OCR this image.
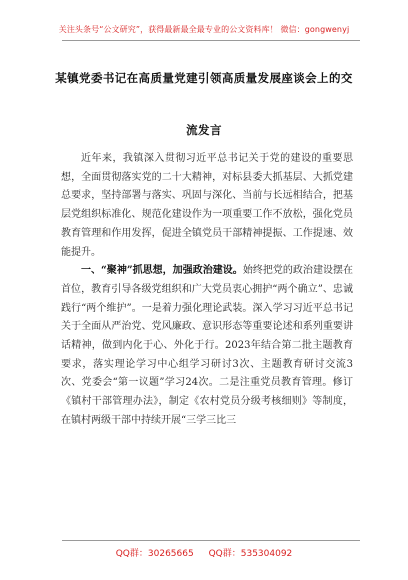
关注头条号“公文研究”，获得最新最全最专业的公文资料库！ 微信：gongwenyj
某镇党委书记在高质量党建引领高质量发展座谈会上的交
流发言

近年来，我镇深入贯彻习近平总书记关于党的建设的重要思想，全面贯彻落实党的二十大精神，对标县委大抓基层、大抓党建总要求，坚持部署与落实、巩固与深化、当前与长远相结合，把基层党组织标准化、规范化建设作为一项重要工作不放松，强化党员教育管理和作用发挥，促进全镇党员干部精神提振、工作提速、效能提升。

一、“聚神”抓思想，加强政治建设。始终把党的政治建设摆在首位，教育引导各级党组织和广大党员衷心拥护“两个确立”、忠诚践行“两个维护”。一是着力强化理论武装。深入学习习近平总书记关于全面从严治党、党风廉政、意识形态等重要论述和系列重要讲话精神，做到内化于心、外化于行。2023年结合第二批主题教育要求，落实理论学习中心组学习研讨3次、主题教育研讨交流3次、党委会“第一议题”学习24次。二是注重党员教育管理。修订《镇村干部管理办法》，制定《农村党员分级考核细则》等制度，在镇村两级干部中持续开展“三学三比三

QQ群：30265665 QQ群：535304092
